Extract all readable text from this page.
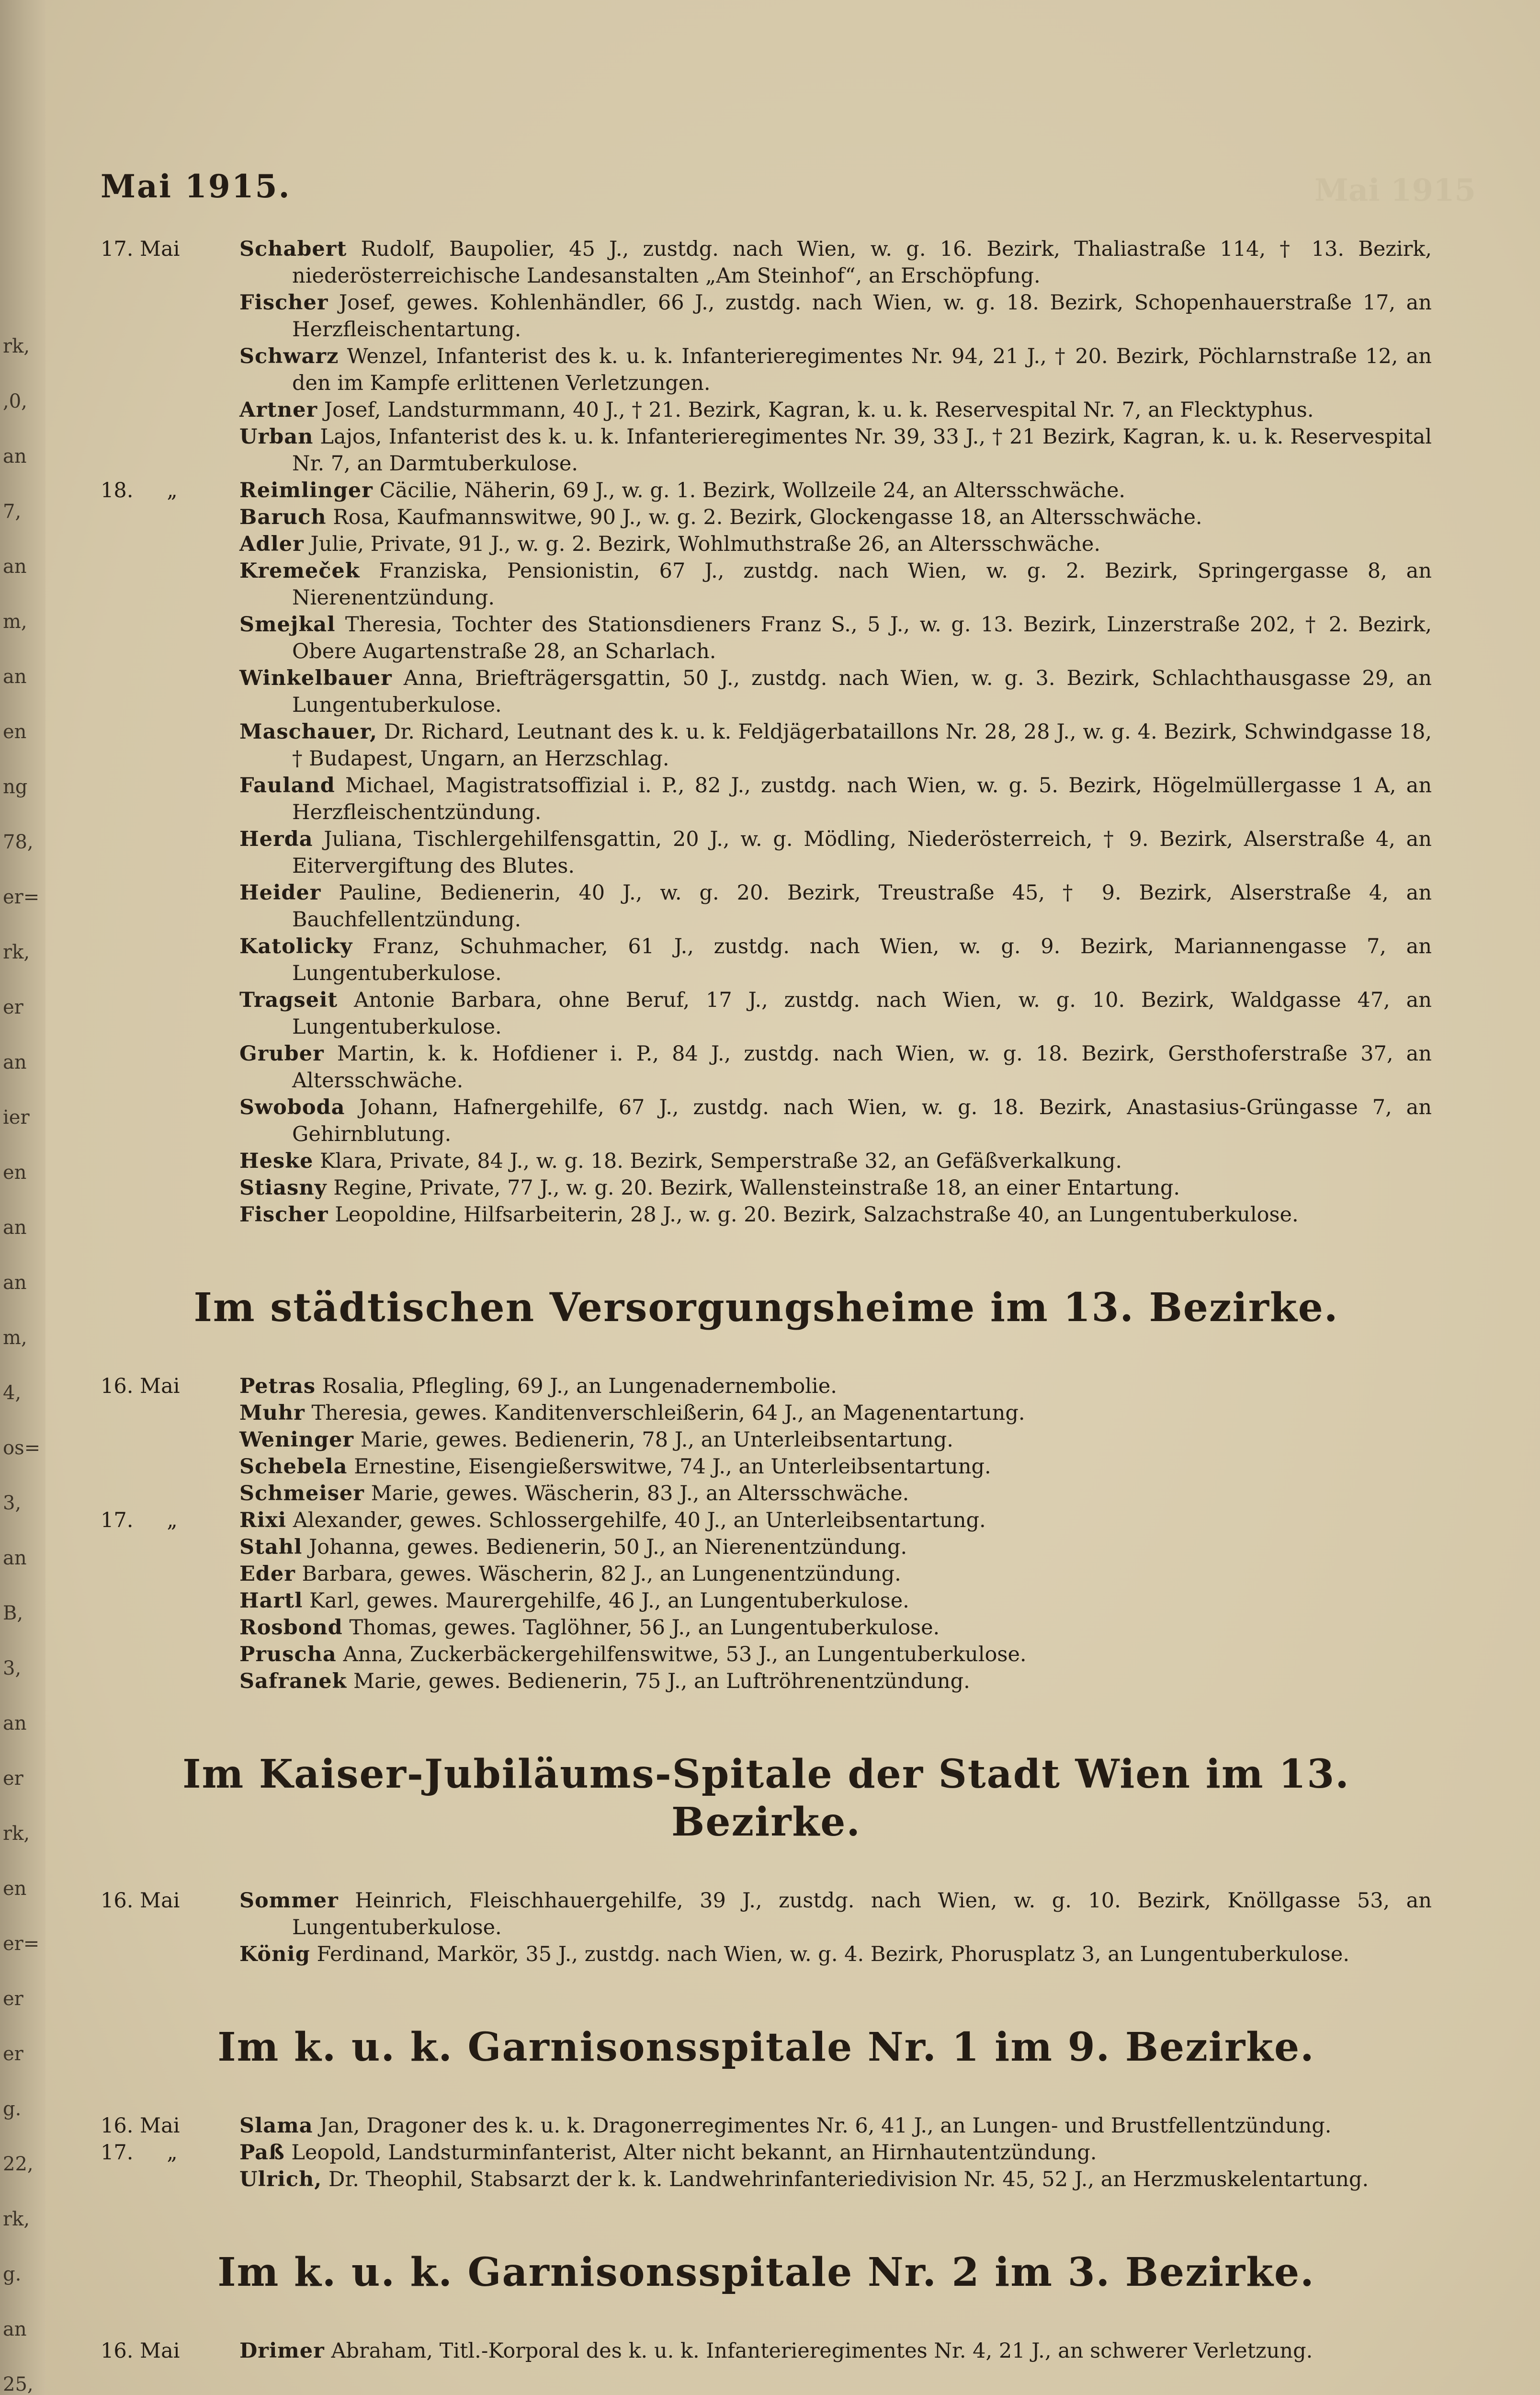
rk,
,0,
an
7,
an
m,
an
en
ng
78,
er=
rk,
er
an
ier
en
an
an
m,
4,
os=
3,
an
B,
3,
an
er
rk,
en
er=
er
er
g.
22,
rk,
g.
an
25,
Mai 1915
Mai 1915.
17. Mai	Schabert Rudolf, Baupolier, 45 J., zustdg. nach Wien, w. g. 16. Bezirk, Thaliastraße 114, † 13. Bezirk, niederösterreichische Landesanstalten „Am Steinhof“, an Erschöpfung.
Fischer Josef, gewes. Kohlenhändler, 66 J., zustdg. nach Wien, w. g. 18. Bezirk, Schopenhauerstraße 17, an Herzfleischentartung.
Schwarz Wenzel, Infanterist des k. u. k. Infanterieregimentes Nr. 94, 21 J., † 20. Bezirk, Pöchlarnstraße 12, an den im Kampfe erlittenen Verletzungen.
Artner Josef, Landsturmmann, 40 J., † 21. Bezirk, Kagran, k. u. k. Reservespital Nr. 7, an Flecktyphus.
Urban Lajos, Infanterist des k. u. k. Infanterieregimentes Nr. 39, 33 J., † 21 Bezirk, Kagran, k. u. k. Reservespital Nr. 7, an Darmtuberkulose.
18. „	Reimlinger Cäcilie, Näherin, 69 J., w. g. 1. Bezirk, Wollzeile 24, an Altersschwäche.
Baruch Rosa, Kaufmannswitwe, 90 J., w. g. 2. Bezirk, Glockengasse 18, an Altersschwäche.
Adler Julie, Private, 91 J., w. g. 2. Bezirk, Wohlmuthstraße 26, an Altersschwäche.
Kremeček Franziska, Pensionistin, 67 J., zustdg. nach Wien, w. g. 2. Bezirk, Springergasse 8, an Nierenentzündung.
Smejkal Theresia, Tochter des Stationsdieners Franz S., 5 J., w. g. 13. Bezirk, Linzerstraße 202, † 2. Bezirk, Obere Augartenstraße 28, an Scharlach.
Winkelbauer Anna, Briefträgersgattin, 50 J., zustdg. nach Wien, w. g. 3. Bezirk, Schlachthausgasse 29, an Lungentuberkulose.
Maschauer, Dr. Richard, Leutnant des k. u. k. Feldjägerbataillons Nr. 28, 28 J., w. g. 4. Bezirk, Schwindgasse 18, † Budapest, Ungarn, an Herzschlag.
Fauland Michael, Magistratsoffizial i. P., 82 J., zustdg. nach Wien, w. g. 5. Bezirk, Högelmüllergasse 1 A, an Herzfleischentzündung.
Herda Juliana, Tischlergehilfensgattin, 20 J., w. g. Mödling, Niederösterreich, † 9. Bezirk, Alserstraße 4, an Eitervergiftung des Blutes.
Heider Pauline, Bedienerin, 40 J., w. g. 20. Bezirk, Treustraße 45, † 9. Bezirk, Alserstraße 4, an Bauchfellentzündung.
Katolicky Franz, Schuhmacher, 61 J., zustdg. nach Wien, w. g. 9. Bezirk, Mariannengasse 7, an Lungentuberkulose.
Tragseit Antonie Barbara, ohne Beruf, 17 J., zustdg. nach Wien, w. g. 10. Bezirk, Waldgasse 47, an Lungentuberkulose.
Gruber Martin, k. k. Hofdiener i. P., 84 J., zustdg. nach Wien, w. g. 18. Bezirk, Gersthoferstraße 37, an Altersschwäche.
Swoboda Johann, Hafnergehilfe, 67 J., zustdg. nach Wien, w. g. 18. Bezirk, Anastasius-Grüngasse 7, an Gehirnblutung.
Heske Klara, Private, 84 J., w. g. 18. Bezirk, Semperstraße 32, an Gefäßverkalkung.
Stiasny Regine, Private, 77 J., w. g. 20. Bezirk, Wallensteinstraße 18, an einer Entartung.
Fischer Leopoldine, Hilfsarbeiterin, 28 J., w. g. 20. Bezirk, Salzachstraße 40, an Lungentuberkulose.
Im städtischen Versorgungsheime im 13. Bezirke.
16. Mai	Petras Rosalia, Pflegling, 69 J., an Lungenadernembolie.
Muhr Theresia, gewes. Kanditenverschleißerin, 64 J., an Magenentartung.
Weninger Marie, gewes. Bedienerin, 78 J., an Unterleibsentartung.
Schebela Ernestine, Eisengießerswitwe, 74 J., an Unterleibsentartung.
Schmeiser Marie, gewes. Wäscherin, 83 J., an Altersschwäche.
17. „	Rixi Alexander, gewes. Schlossergehilfe, 40 J., an Unterleibsentartung.
Stahl Johanna, gewes. Bedienerin, 50 J., an Nierenentzündung.
Eder Barbara, gewes. Wäscherin, 82 J., an Lungenentzündung.
Hartl Karl, gewes. Maurergehilfe, 46 J., an Lungentuberkulose.
Rosbond Thomas, gewes. Taglöhner, 56 J., an Lungentuberkulose.
Pruscha Anna, Zuckerbäckergehilfenswitwe, 53 J., an Lungentuberkulose.
Safranek Marie, gewes. Bedienerin, 75 J., an Luftröhrenentzündung.
Im Kaiser-Jubiläums-Spitale der Stadt Wien im 13. Bezirke.
16. Mai	Sommer Heinrich, Fleischhauergehilfe, 39 J., zustdg. nach Wien, w. g. 10. Bezirk, Knöllgasse 53, an Lungentuberkulose.
König Ferdinand, Markör, 35 J., zustdg. nach Wien, w. g. 4. Bezirk, Phorusplatz 3, an Lungentuberkulose.
Im k. u. k. Garnisonsspitale Nr. 1 im 9. Bezirke.
16. Mai	Slama Jan, Dragoner des k. u. k. Dragonerregimentes Nr. 6, 41 J., an Lungen- und Brustfellentzündung.
17. „	Paß Leopold, Landsturminfanterist, Alter nicht bekannt, an Hirnhautentzündung.
Ulrich, Dr. Theophil, Stabsarzt der k. k. Landwehrinfanteriedivision Nr. 45, 52 J., an Herzmuskelentartung.
Im k. u. k. Garnisonsspitale Nr. 2 im 3. Bezirke.
16. Mai	Drimer Abraham, Titl.-Korporal des k. u. k. Infanterieregimentes Nr. 4, 21 J., an schwerer Verletzung.
